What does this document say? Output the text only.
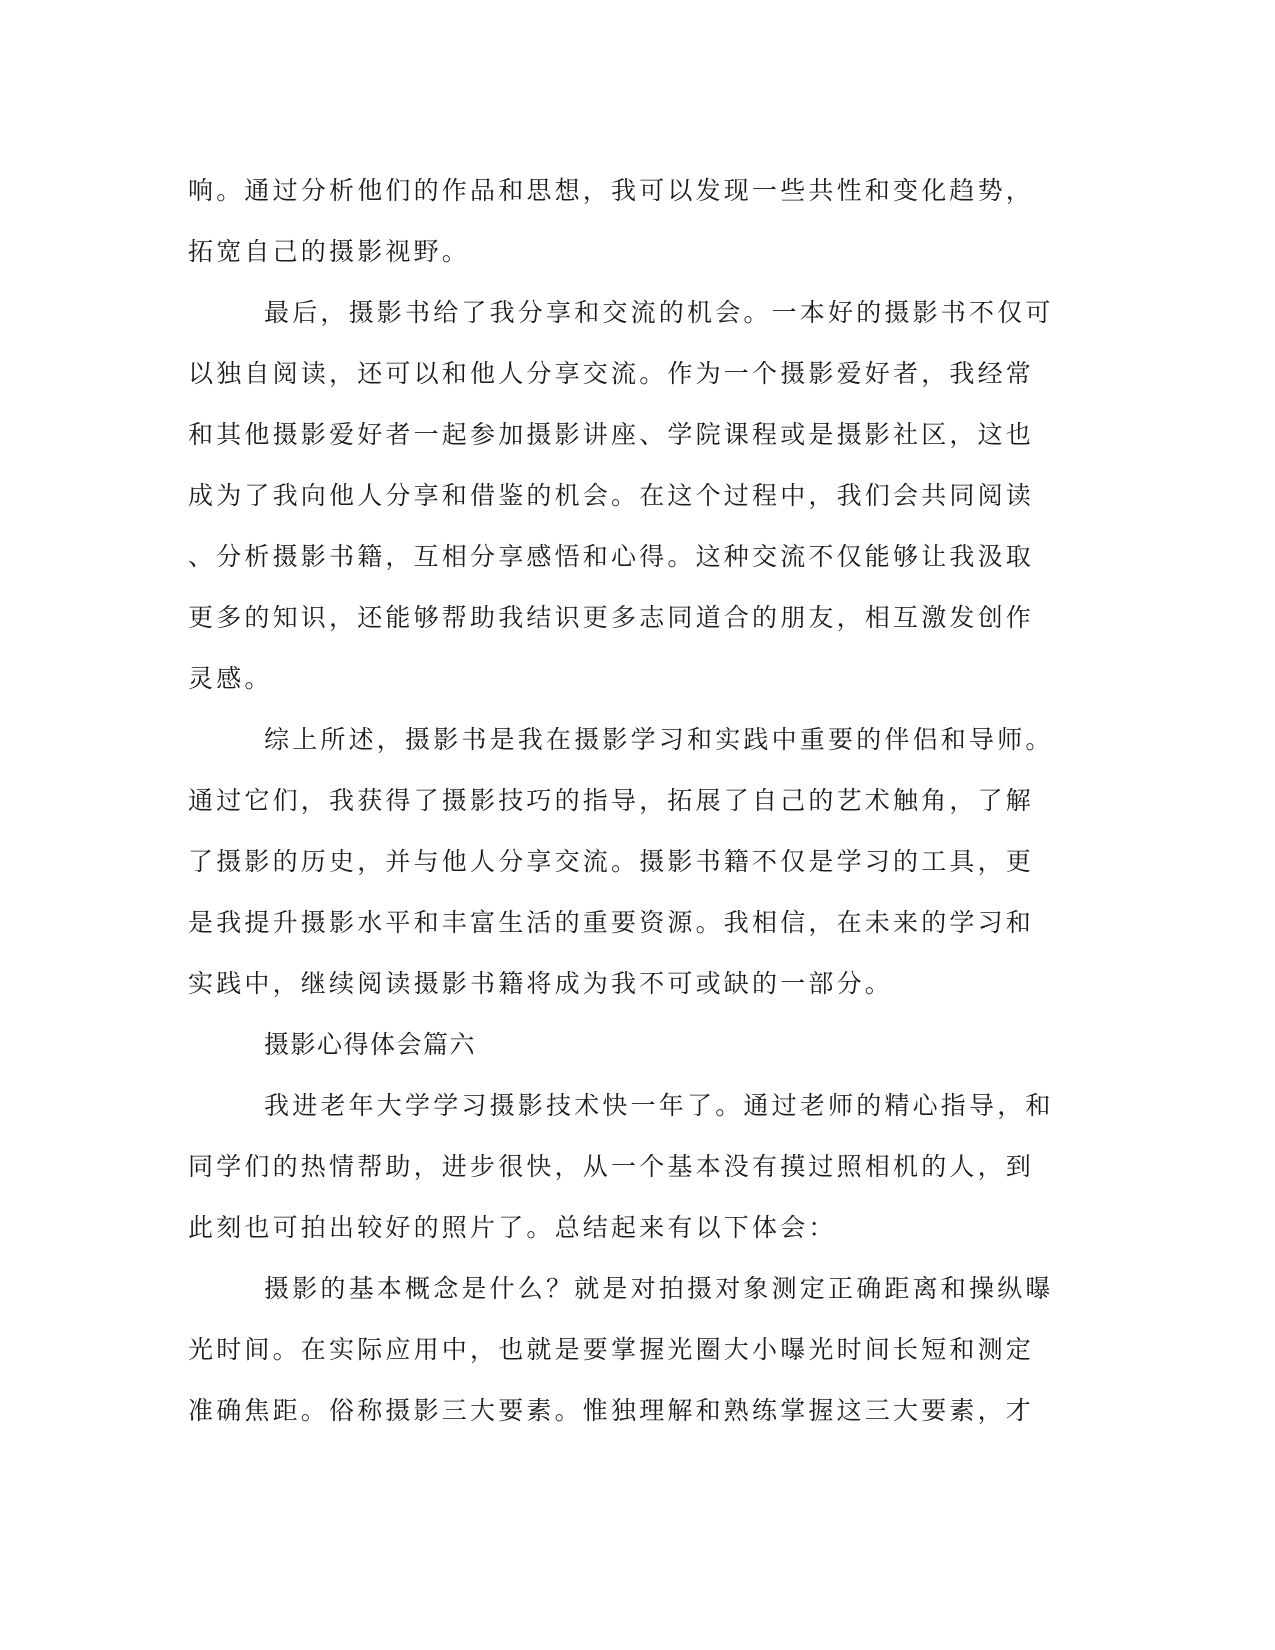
响。通过分析他们的作品和思想，我可以发现一些共性和变化趋势，
拓宽自己的摄影视野。
最后，摄影书给了我分享和交流的机会。一本好的摄影书不仅可
以独自阅读，还可以和他人分享交流。作为一个摄影爱好者，我经常
和其他摄影爱好者一起参加摄影讲座、学院课程或是摄影社区，这也
成为了我向他人分享和借鉴的机会。在这个过程中，我们会共同阅读
、分析摄影书籍，互相分享感悟和心得。这种交流不仅能够让我汲取
更多的知识，还能够帮助我结识更多志同道合的朋友，相互激发创作
灵感。
综上所述，摄影书是我在摄影学习和实践中重要的伴侣和导师。
通过它们，我获得了摄影技巧的指导，拓展了自己的艺术触角，了解
了摄影的历史，并与他人分享交流。摄影书籍不仅是学习的工具，更
是我提升摄影水平和丰富生活的重要资源。我相信，在未来的学习和
实践中，继续阅读摄影书籍将成为我不可或缺的一部分。
摄影心得体会篇六
我进老年大学学习摄影技术快一年了。通过老师的精心指导，和
同学们的热情帮助，进步很快，从一个基本没有摸过照相机的人，到
此刻也可拍出较好的照片了。总结起来有以下体会：
摄影的基本概念是什么？就是对拍摄对象测定正确距离和操纵曝
光时间。在实际应用中，也就是要掌握光圈大小曝光时间长短和测定
准确焦距。俗称摄影三大要素。惟独理解和熟练掌握这三大要素，才
